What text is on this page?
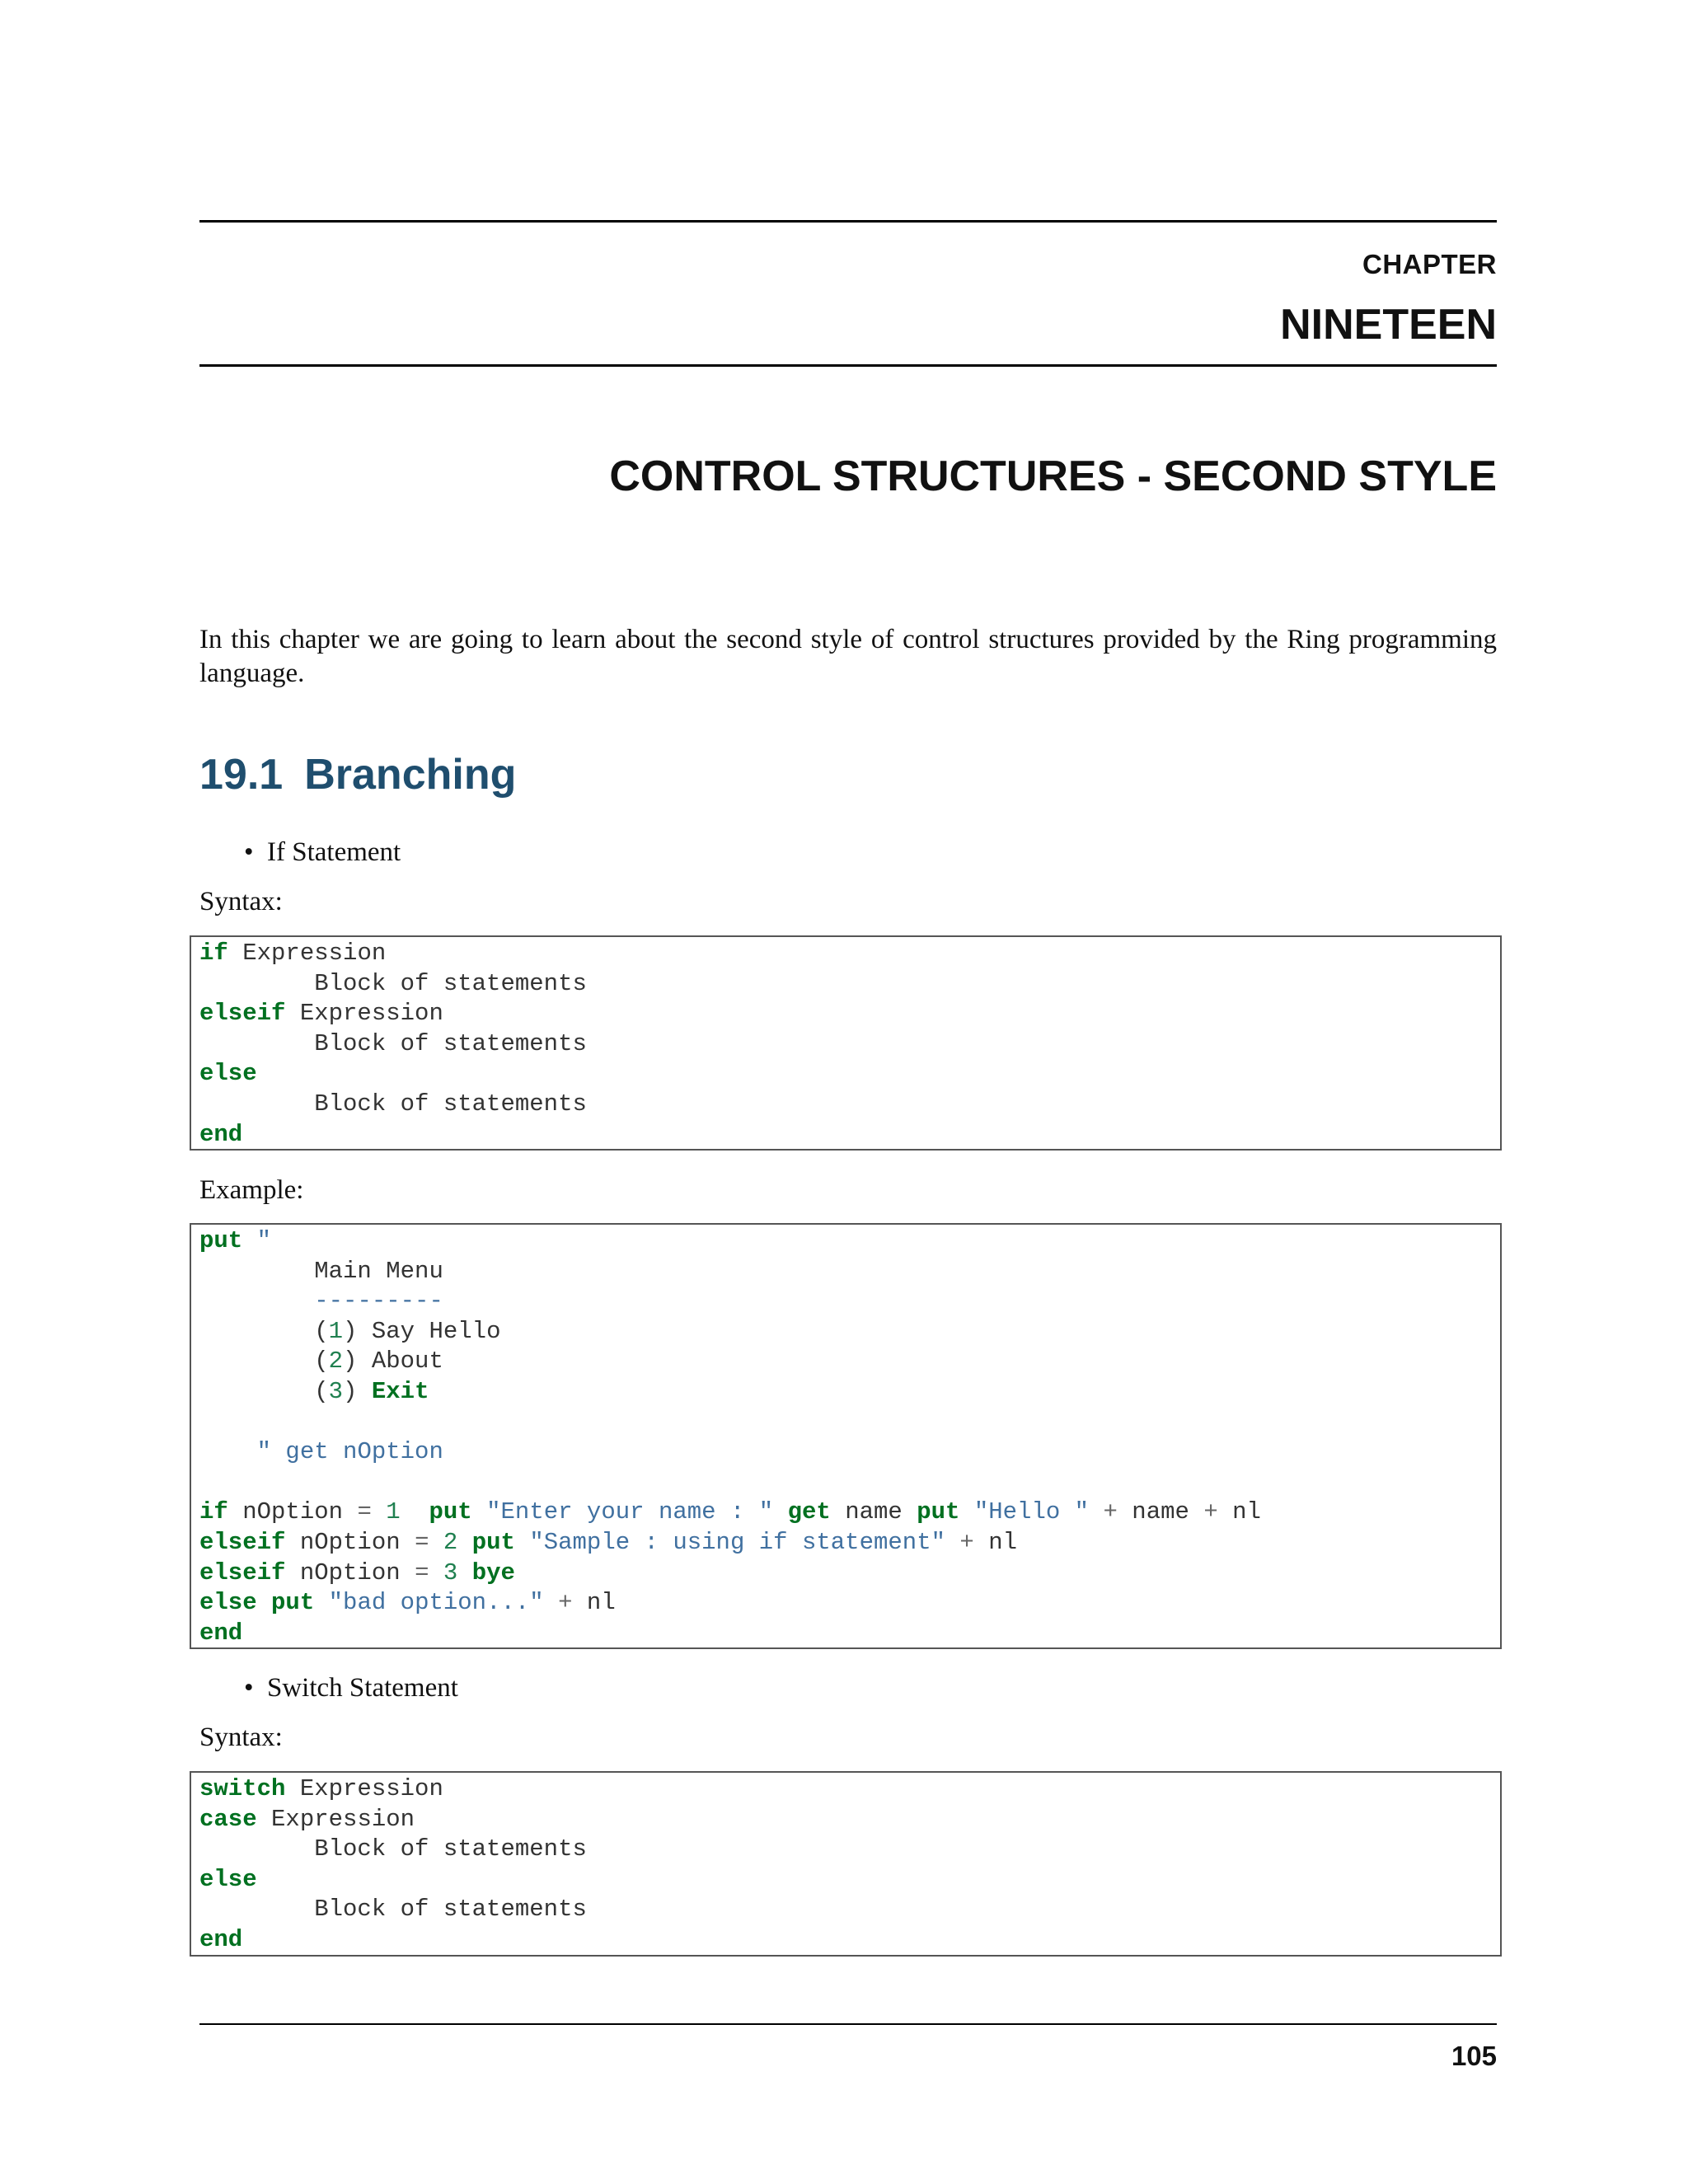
CHAPTER
NINETEEN
CONTROL STRUCTURES - SECOND STYLE

In this chapter we are going to learn about the second style of control structures provided by the Ring programming language.

19.1 Branching
• If Statement
Syntax:
if Expression
Block of statements
elseif Expression
Block of statements
else
Block of statements
end
Example:
put "
Main Menu
---------
(1) Say Hello
(2) About
(3) Exit

" get nOption

if nOption = 1 put "Enter your name : " get name put "Hello " + name + nl
elseif nOption = 2 put "Sample : using if statement" + nl
elseif nOption = 3 bye
else put "bad option..." + nl
end
• Switch Statement
Syntax:
switch Expression
case Expression
Block of statements
else
Block of statements
end
105
